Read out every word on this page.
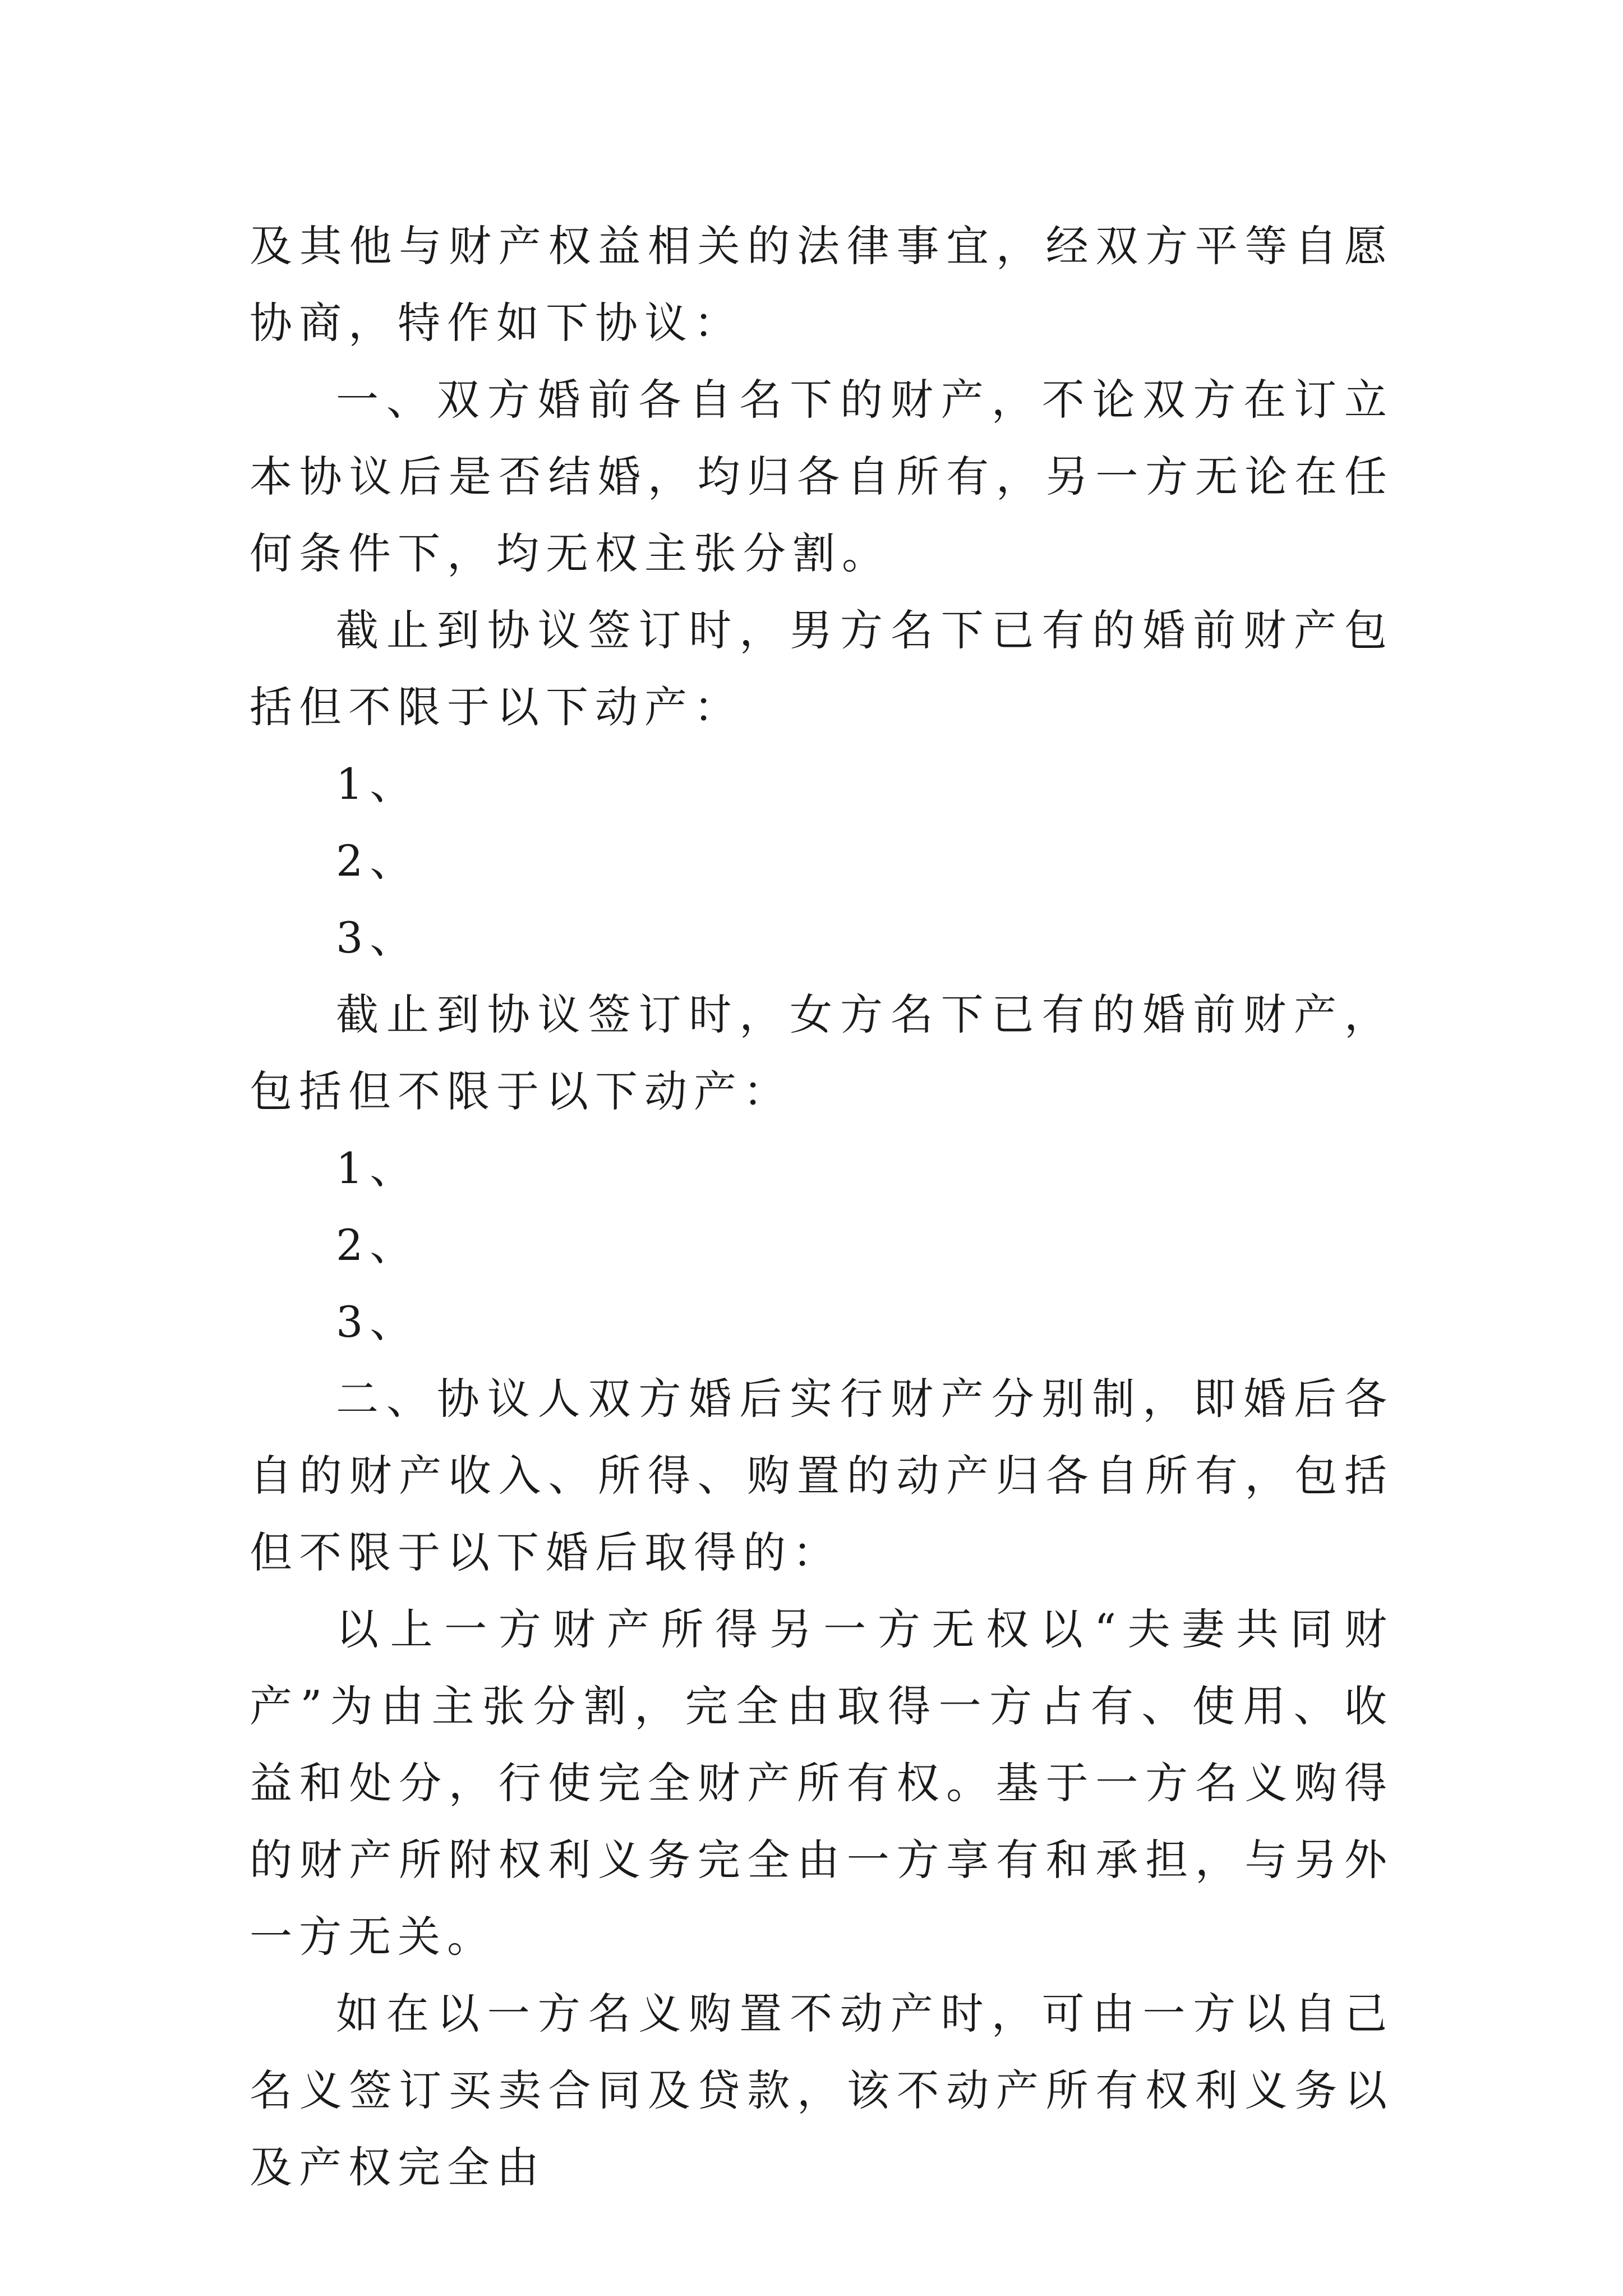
及其他与财产权益相关的法律事宜，经双方平等自愿协商，特作如下协议：

一、双方婚前各自名下的财产，不论双方在订立本协议后是否结婚，均归各自所有，另一方无论在任何条件下，均无权主张分割。

截止到协议签订时，男方名下已有的婚前财产包括但不限于以下动产：

1、

2、

3、

截止到协议签订时，女方名下已有的婚前财产，包括但不限于以下动产：

1、

2、

3、

二、协议人双方婚后实行财产分别制，即婚后各自的财产收入、所得、购置的动产归各自所有，包括但不限于以下婚后取得的：

以上一方财产所得另一方无权以“夫妻共同财产”为由主张分割，完全由取得一方占有、使用、收益和处分，行使完全财产所有权。基于一方名义购得的财产所附权利义务完全由一方享有和承担，与另外一方无关。

如在以一方名义购置不动产时，可由一方以自己名义签订买卖合同及贷款，该不动产所有权利义务以及产权完全由
